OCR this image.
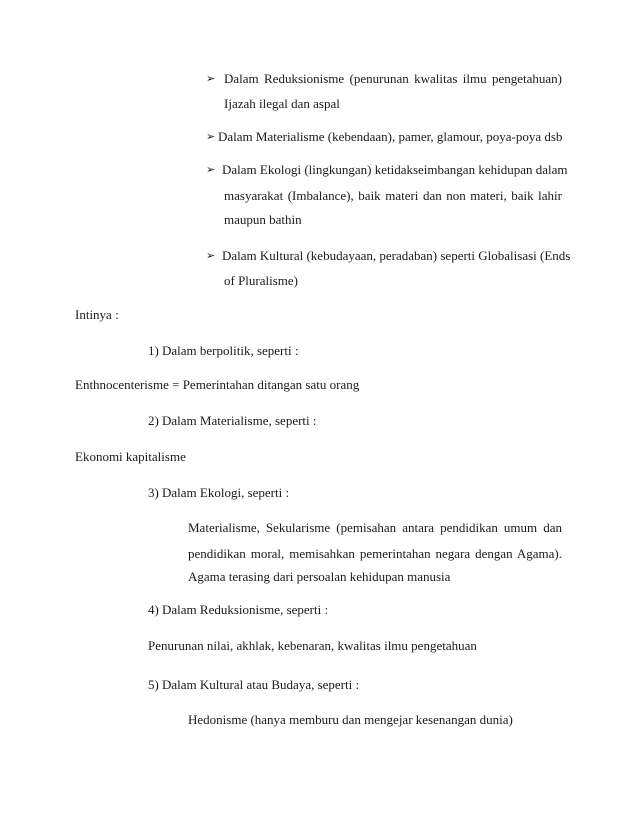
➢ Dalam Reduksionisme (penurunan kwalitas ilmu pengetahuan)
Ijazah ilegal dan aspal
➢ Dalam Materialisme (kebendaan), pamer, glamour, poya-poya dsb
➢ Dalam Ekologi (lingkungan) ketidakseimbangan kehidupan dalam
masyarakat (Imbalance), baik materi dan non materi, baik lahir
maupun bathin
➢ Dalam Kultural (kebudayaan, peradaban) seperti Globalisasi (Ends
of Pluralisme)
Intinya :
1) Dalam berpolitik, seperti :
Enthnocenterisme = Pemerintahan ditangan satu orang
2) Dalam Materialisme, seperti :
Ekonomi kapitalisme
3) Dalam Ekologi, seperti :
Materialisme, Sekularisme (pemisahan antara pendidikan umum dan
pendidikan moral, memisahkan pemerintahan negara dengan Agama).
Agama terasing dari persoalan kehidupan manusia
4) Dalam Reduksionisme, seperti :
Penurunan nilai, akhlak, kebenaran, kwalitas ilmu pengetahuan
5) Dalam Kultural atau Budaya, seperti :
Hedonisme (hanya memburu dan mengejar kesenangan dunia)
